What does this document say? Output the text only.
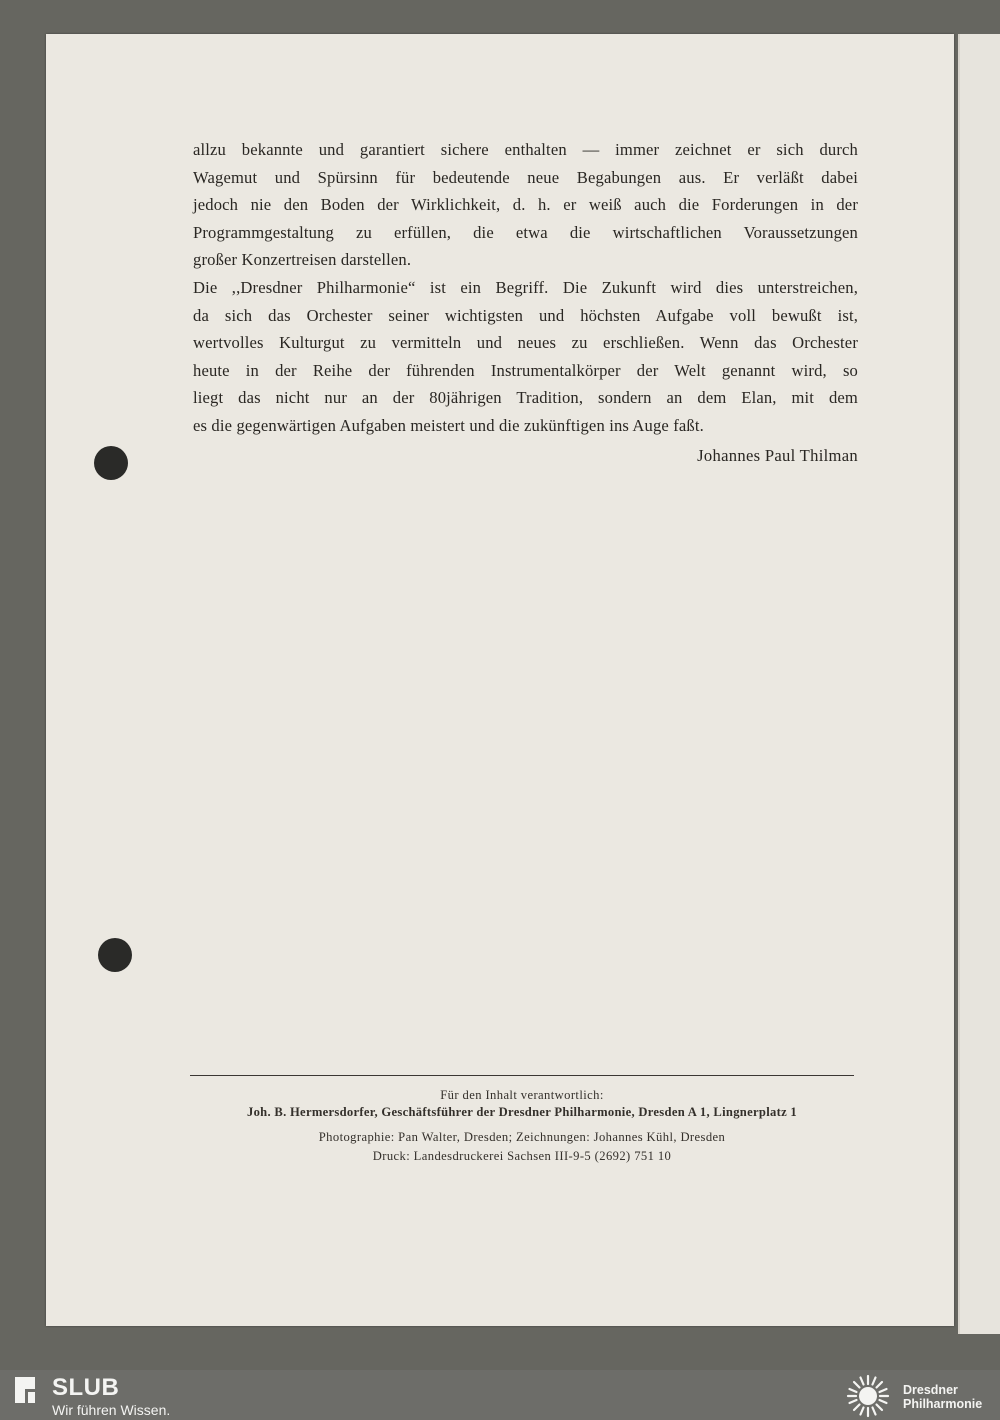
allzu bekannte und garantiert sichere enthalten — immer zeichnet er sich durch
Wagemut und Spürsinn für bedeutende neue Begabungen aus. Er verläßt dabei
jedoch nie den Boden der Wirklichkeit, d. h. er weiß auch die Forderungen in der
Programmgestaltung zu erfüllen, die etwa die wirtschaftlichen Voraussetzungen
großer Konzertreisen darstellen.
Die ,,Dresdner Philharmonie“ ist ein Begriff. Die Zukunft wird dies unterstreichen,
da sich das Orchester seiner wichtigsten und höchsten Aufgabe voll bewußt ist,
wertvolles Kulturgut zu vermitteln und neues zu erschließen. Wenn das Orchester
heute in der Reihe der führenden Instrumentalkörper der Welt genannt wird, so
liegt das nicht nur an der 80jährigen Tradition, sondern an dem Elan, mit dem
es die gegenwärtigen Aufgaben meistert und die zukünftigen ins Auge faßt.
Johannes Paul Thilman
Für den Inhalt verantwortlich:
Joh. B. Hermersdorfer, Geschäftsführer der Dresdner Philharmonie, Dresden A 1, Lingnerplatz 1
Photographie: Pan Walter, Dresden; Zeichnungen: Johannes Kühl, Dresden
Druck: Landesdruckerei Sachsen III-9-5 (2692) 751 10
SLUB
Wir führen Wissen.
Dresdner
Philharmonie
